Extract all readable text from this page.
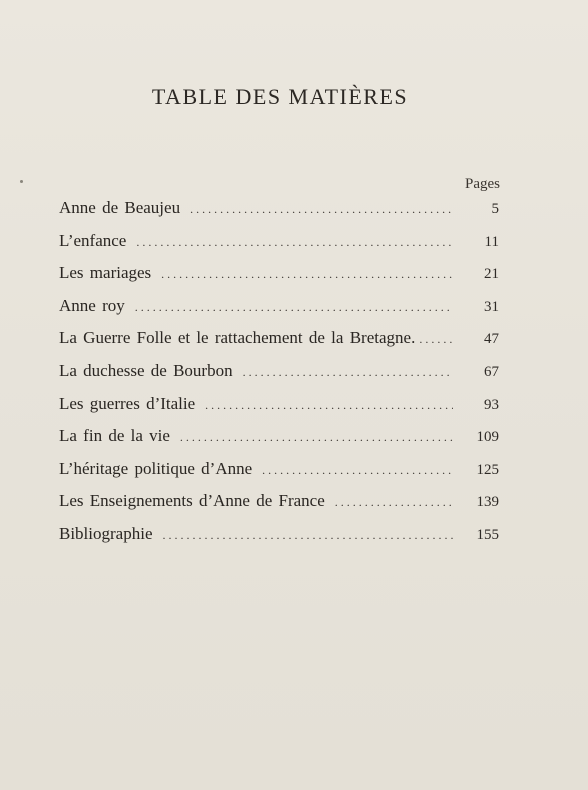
TABLE DES MATIÈRES
Pages
Anne de Beaujeu . . .	5
L’enfance . . .	11
Les mariages . . .	21
Anne roy . . .	31
La Guerre Folle et le rattachement de la Bretagne . . . .	47
La duchesse de Bourbon . . .	67
Les guerres d’Italie . . .	93
La fin de la vie . . .	109
L’héritage politique d’Anne . . .	125
Les Enseignements d’Anne de France . . .	139
Bibliographie . . .	155
